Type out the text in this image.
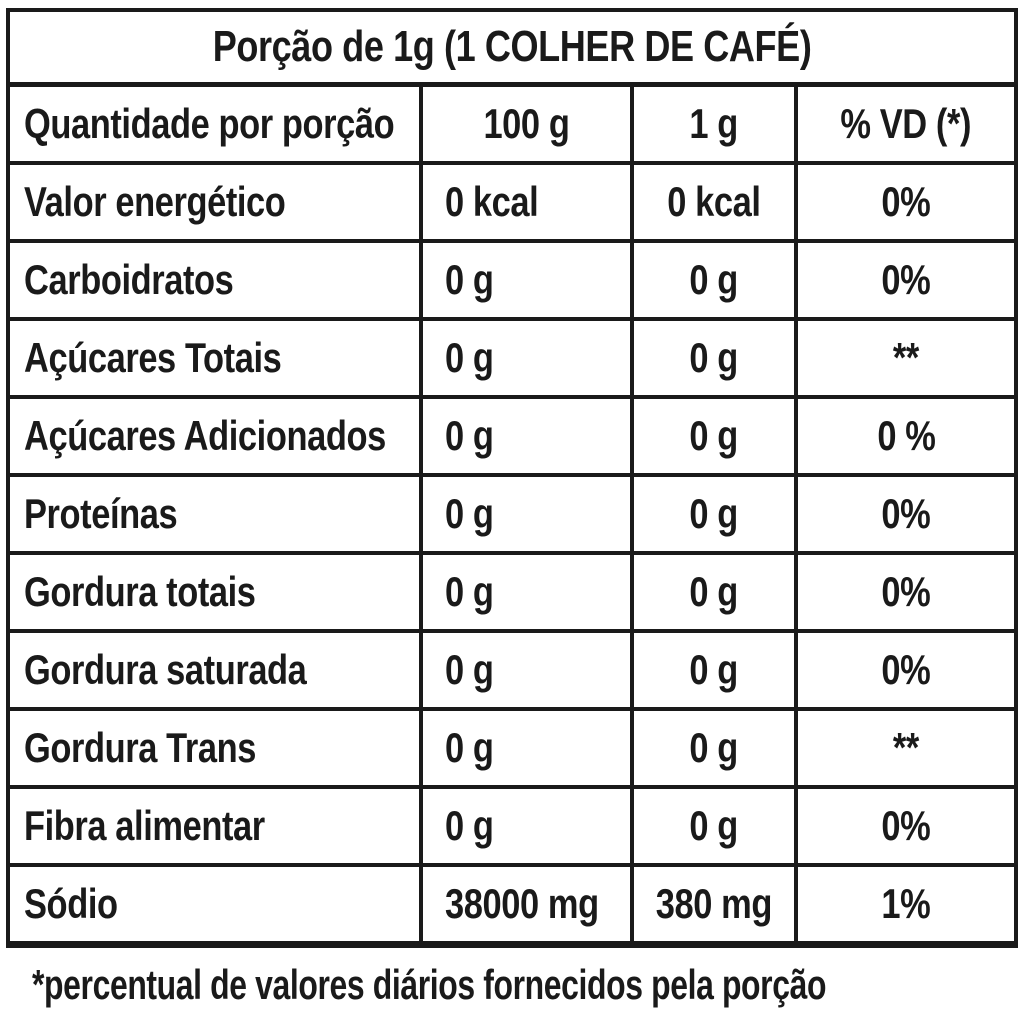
Porção de 1g (1 COLHER DE CAFÉ)			
Quantidade por porção	100 g	1 g	% VD (*)
Valor energético	0 kcal	0 kcal	0%
Carboidratos	0 g	0 g	0%
Açúcares Totais	0 g	0 g	**
Açúcares Adicionados	0 g	0 g	0 %
Proteínas	0 g	0 g	0%
Gordura totais	0 g	0 g	0%
Gordura saturada	0 g	0 g	0%
Gordura Trans	0 g	0 g	**
Fibra alimentar	0 g	0 g	0%
Sódio	38000 mg	380 mg	1%
*percentual de valores diários fornecidos pela porção
